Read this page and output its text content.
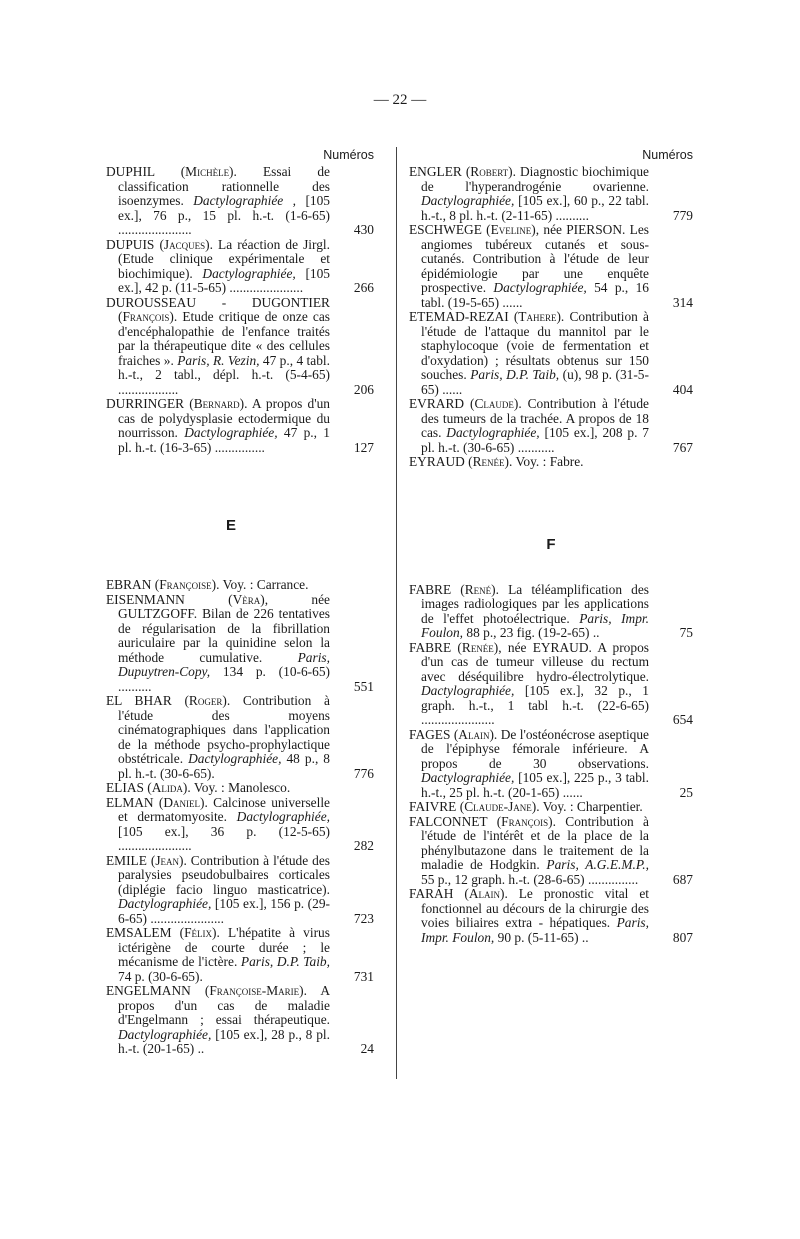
— 22 —
Numéros
DUPHIL (Michèle). Essai de classification rationnelle des isoenzymes. Dactylographiée , [105 ex.], 76 p., 15 pl. h.-t. (1-6-65) ......................	430
DUPUIS (Jacques). La réaction de Jirgl. (Etude clinique expérimentale et biochimique). Dactylographiée, [105 ex.], 42 p. (11-5-65) ......................	266
DUROUSSEAU - DUGONTIER (François). Etude critique de onze cas d'encéphalopathie de l'enfance traités par la thérapeutique dite « des cellules fraiches ». Paris, R. Vezin, 47 p., 4 tabl. h.-t., 2 tabl., dépl. h.-t. (5-4-65) ..................	206
DURRINGER (Bernard). A propos d'un cas de polydysplasie ectodermique du nourrisson. Dactylographiée, 47 p., 1 pl. h.-t. (16-3-65) ...............	127
E
EBRAN (Françoise). Voy. : Carrance.
EISENMANN	(Vèra),	née GULTZGOFF. Bilan de 226 tentatives de régularisation de la fibrillation auriculaire par la quinidine selon la méthode cumulative.	Paris, Dupuytren-Copy, 134 p. (10-6-65) ..........	551
EL BHAR (Roger). Contribution à l'étude des moyens cinématographiques dans l'application de la méthode psycho-prophylactique obstétricale. Dactylographiée, 48 p., 8 pl. h.-t. (30-6-65).	776
ELIAS (Alida). Voy. : Manolesco.
ELMAN (Daniel). Calcinose universelle et dermatomyosite. Dactylographiée, [105 ex.], 36 p. (12-5-65) ......................	282
EMILE (Jean). Contribution à l'étude des paralysies pseudobulbaires corticales (diplégie facio linguo masticatrice). Dactylographiée, [105 ex.], 156 p. (29-6-65) ......................	723
EMSALEM (Félix). L'hépatite à virus ictérigène de courte durée ; le mécanisme de l'ictère. Paris, D.P. Taib, 74 p. (30-6-65).	731
ENGELMANN (Françoise-Marie). A propos d'un cas de maladie d'Engelmann ; essai thérapeutique. Dactylographiée, [105 ex.], 28 p., 8 pl. h.-t. (20-1-65) ..	24
Numéros
ENGLER (Robert). Diagnostic biochimique de l'hyperandrogénie ovarienne. Dactylographiée, [105 ex.], 60 p., 22 tabl. h.-t., 8 pl. h.-t. (2-11-65) ..........	779
ESCHWEGE (Eveline), née PIERSON. Les angiomes tubéreux cutanés et sous-cutanés. Contribution à l'étude de leur épidémiologie par une enquête prospective. Dactylographiée, 54 p., 16 tabl. (19-5-65) ......	314
ETEMAD-REZAI (Tahere). Contribution à l'étude de l'attaque du mannitol par le staphylocoque (voie de fermentation et d'oxydation) ; résultats obtenus sur 150 souches. Paris, D.P. Taib, (u), 98 p. (31-5-65) ......	404
EVRARD (Claude). Contribution à l'étude des tumeurs de la trachée. A propos de 18 cas. Dactylographiée, [105 ex.], 208 p. 7 pl. h.-t. (30-6-65) ...........	767
EYRAUD (Renée). Voy. : Fabre.
F
FABRE (René). La téléamplification des images radiologiques par les applications de l'effet photoélectrique. Paris, Impr. Foulon, 88 p., 23 fig. (19-2-65) ..	75
FABRE (Renée), née EYRAUD. A propos d'un cas de tumeur villeuse du rectum avec déséquilibre hydro-électrolytique. Dactylographiée, [105 ex.], 32 p., 1 graph. h.-t., 1 tabl h.-t. (22-6-65) ......................	654
FAGES (Alain). De l'ostéonécrose aseptique de l'épiphyse fémorale inférieure. A propos de 30 observations. Dactylographiée, [105 ex.], 225 p., 3 tabl. h.-t., 25 pl. h.-t. (20-1-65) ......	25
FAIVRE (Claude-Jane). Voy. : Charpentier.
FALCONNET (François). Contribution à l'étude de l'intérêt et de la place de la phénylbutazone dans le traitement de la maladie de Hodgkin. Paris, A.G.E.M.P., 55 p., 12 graph. h.-t. (28-6-65) ...............	687
FARAH (Alain). Le pronostic vital et fonctionnel au décours de la chirurgie des voies biliaires extra - hépatiques. Paris, Impr. Foulon, 90 p. (5-11-65) ..	807
